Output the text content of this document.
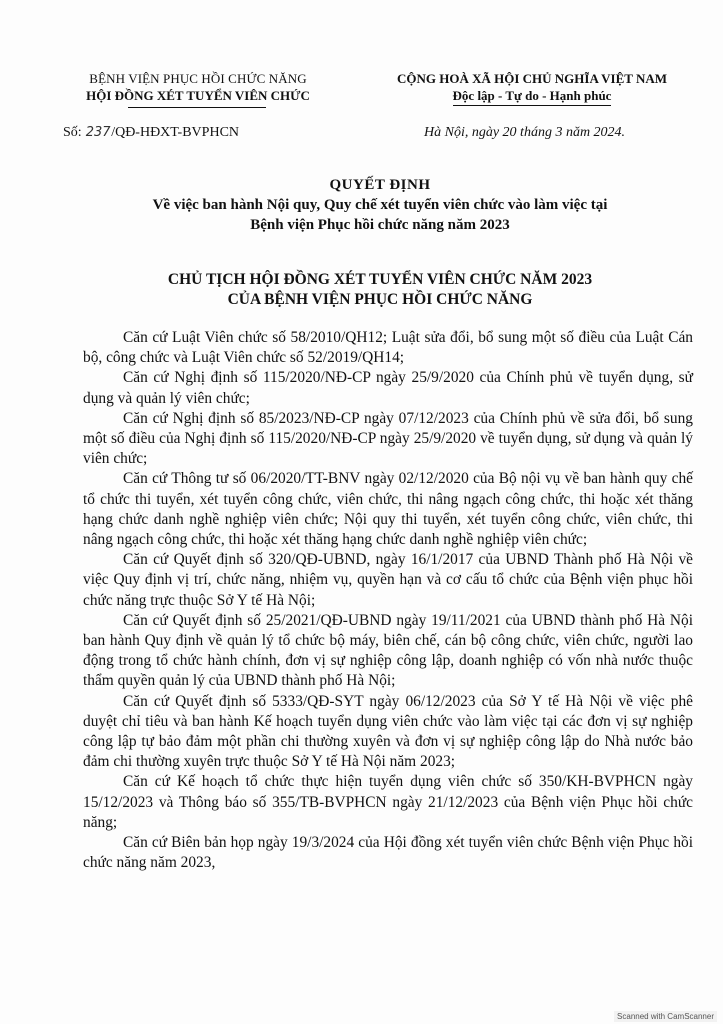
BỆNH VIỆN PHỤC HỒI CHỨC NĂNG
HỘI ĐỒNG XÉT TUYỂN VIÊN CHỨC
CỘNG HOÀ XÃ HỘI CHỦ NGHĨA VIỆT NAM
Độc lập - Tự do - Hạnh phúc
Số: 237/QĐ-HĐXT-BVPHCN	Hà Nội, ngày 20 tháng 3 năm 2024.
QUYẾT ĐỊNH
Về việc ban hành Nội quy, Quy chế xét tuyển viên chức vào làm việc tại
Bệnh viện Phục hồi chức năng năm 2023
CHỦ TỊCH HỘI ĐỒNG XÉT TUYỂN VIÊN CHỨC NĂM 2023
CỦA BỆNH VIỆN PHỤC HỒI CHỨC NĂNG

Căn cứ Luật Viên chức số 58/2010/QH12; Luật sửa đổi, bổ sung một số điều của Luật Cán bộ, công chức và Luật Viên chức số 52/2019/QH14;

Căn cứ Nghị định số 115/2020/NĐ-CP ngày 25/9/2020 của Chính phủ về tuyển dụng, sử dụng và quản lý viên chức;

Căn cứ Nghị định số 85/2023/NĐ-CP ngày 07/12/2023 của Chính phủ về sửa đổi, bổ sung một số điều của Nghị định số 115/2020/NĐ-CP ngày 25/9/2020 về tuyển dụng, sử dụng và quản lý viên chức;

Căn cứ Thông tư số 06/2020/TT-BNV ngày 02/12/2020 của Bộ nội vụ về ban hành quy chế tổ chức thi tuyển, xét tuyển công chức, viên chức, thi nâng ngạch công chức, thi hoặc xét thăng hạng chức danh nghề nghiệp viên chức; Nội quy thi tuyển, xét tuyển công chức, viên chức, thi nâng ngạch công chức, thi hoặc xét thăng hạng chức danh nghề nghiệp viên chức;

Căn cứ Quyết định số 320/QĐ-UBND, ngày 16/1/2017 của UBND Thành phố Hà Nội về việc Quy định vị trí, chức năng, nhiệm vụ, quyền hạn và cơ cấu tổ chức của Bệnh viện phục hồi chức năng trực thuộc Sở Y tế Hà Nội;

Căn cứ Quyết định số 25/2021/QĐ-UBND ngày 19/11/2021 của UBND thành phố Hà Nội ban hành Quy định về quản lý tổ chức bộ máy, biên chế, cán bộ công chức, viên chức, người lao động trong tổ chức hành chính, đơn vị sự nghiệp công lập, doanh nghiệp có vốn nhà nước thuộc thẩm quyền quản lý của UBND thành phố Hà Nội;

Căn cứ Quyết định số 5333/QĐ-SYT ngày 06/12/2023 của Sở Y tế Hà Nội về việc phê duyệt chỉ tiêu và ban hành Kế hoạch tuyển dụng viên chức vào làm việc tại các đơn vị sự nghiệp công lập tự bảo đảm một phần chi thường xuyên và đơn vị sự nghiệp công lập do Nhà nước bảo đảm chi thường xuyên trực thuộc Sở Y tế Hà Nội năm 2023;

Căn cứ Kế hoạch tổ chức thực hiện tuyển dụng viên chức số 350/KH-BVPHCN ngày 15/12/2023 và Thông báo số 355/TB-BVPHCN ngày 21/12/2023 của Bệnh viện Phục hồi chức năng;

Căn cứ Biên bản họp ngày 19/3/2024 của Hội đồng xét tuyển viên chức Bệnh viện Phục hồi chức năng năm 2023,

Scanned with CamScanner
